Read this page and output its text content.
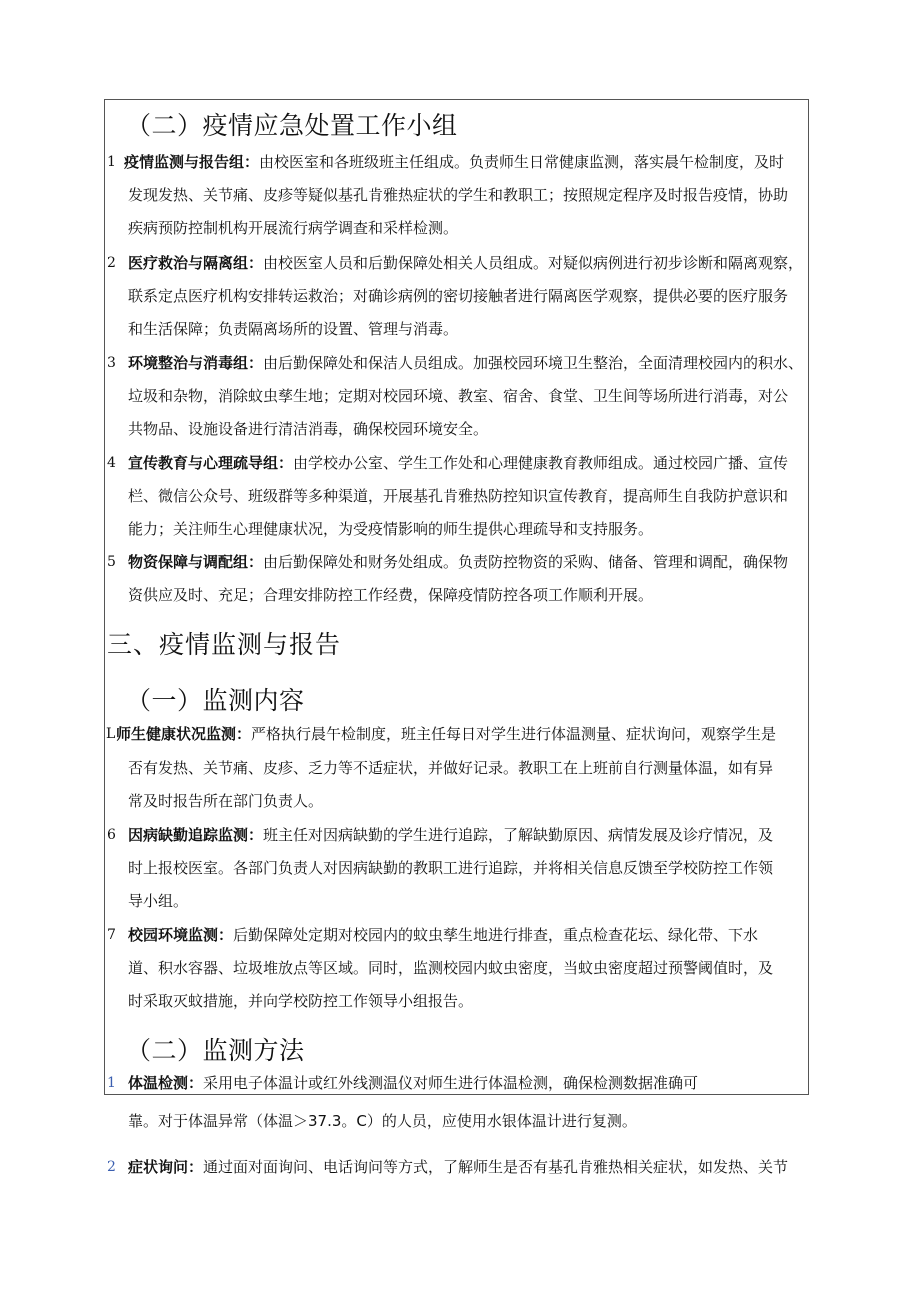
（二）疫情应急处置工作小组
1 疫情监测与报告组：由校医室和各班级班主任组成。负责师生日常健康监测，落实晨午检制度，及时
发现发热、关节痛、皮疹等疑似基孔肯雅热症状的学生和教职工；按照规定程序及时报告疫情，协助
疾病预防控制机构开展流行病学调查和采样检测。
2 医疗救治与隔离组：由校医室人员和后勤保障处相关人员组成。对疑似病例进行初步诊断和隔离观察，
联系定点医疗机构安排转运救治；对确诊病例的密切接触者进行隔离医学观察，提供必要的医疗服务
和生活保障；负责隔离场所的设置、管理与消毒。
3 环境整治与消毒组：由后勤保障处和保洁人员组成。加强校园环境卫生整治，全面清理校园内的积水、
垃圾和杂物，消除蚊虫孳生地；定期对校园环境、教室、宿舍、食堂、卫生间等场所进行消毒，对公
共物品、设施设备进行清洁消毒，确保校园环境安全。
4 宣传教育与心理疏导组：由学校办公室、学生工作处和心理健康教育教师组成。通过校园广播、宣传
栏、微信公众号、班级群等多种渠道，开展基孔肯雅热防控知识宣传教育，提高师生自我防护意识和
能力；关注师生心理健康状况，为受疫情影响的师生提供心理疏导和支持服务。
5 物资保障与调配组：由后勤保障处和财务处组成。负责防控物资的采购、储备、管理和调配，确保物
资供应及时、充足；合理安排防控工作经费，保障疫情防控各项工作顺利开展。
三、疫情监测与报告
（一）监测内容
L 师生健康状况监测：严格执行晨午检制度，班主任每日对学生进行体温测量、症状询问，观察学生是
否有发热、关节痛、皮疹、乏力等不适症状，并做好记录。教职工在上班前自行测量体温，如有异
常及时报告所在部门负责人。
6 因病缺勤追踪监测：班主任对因病缺勤的学生进行追踪，了解缺勤原因、病情发展及诊疗情况，及
时上报校医室。各部门负责人对因病缺勤的教职工进行追踪，并将相关信息反馈至学校防控工作领
导小组。
7 校园环境监测：后勤保障处定期对校园内的蚊虫孳生地进行排查，重点检查花坛、绿化带、下水
道、积水容器、垃圾堆放点等区域。同时，监测校园内蚊虫密度，当蚊虫密度超过预警阈值时，及
时采取灭蚊措施，并向学校防控工作领导小组报告。
（二）监测方法
1 体温检测：采用电子体温计或红外线测温仪对师生进行体温检测，确保检测数据准确可
靠。对于体温异常（体温＞37.3。C）的人员，应使用水银体温计进行复测。
2 症状询问：通过面对面询问、电话询问等方式，了解师生是否有基孔肯雅热相关症状，如发热、关节
